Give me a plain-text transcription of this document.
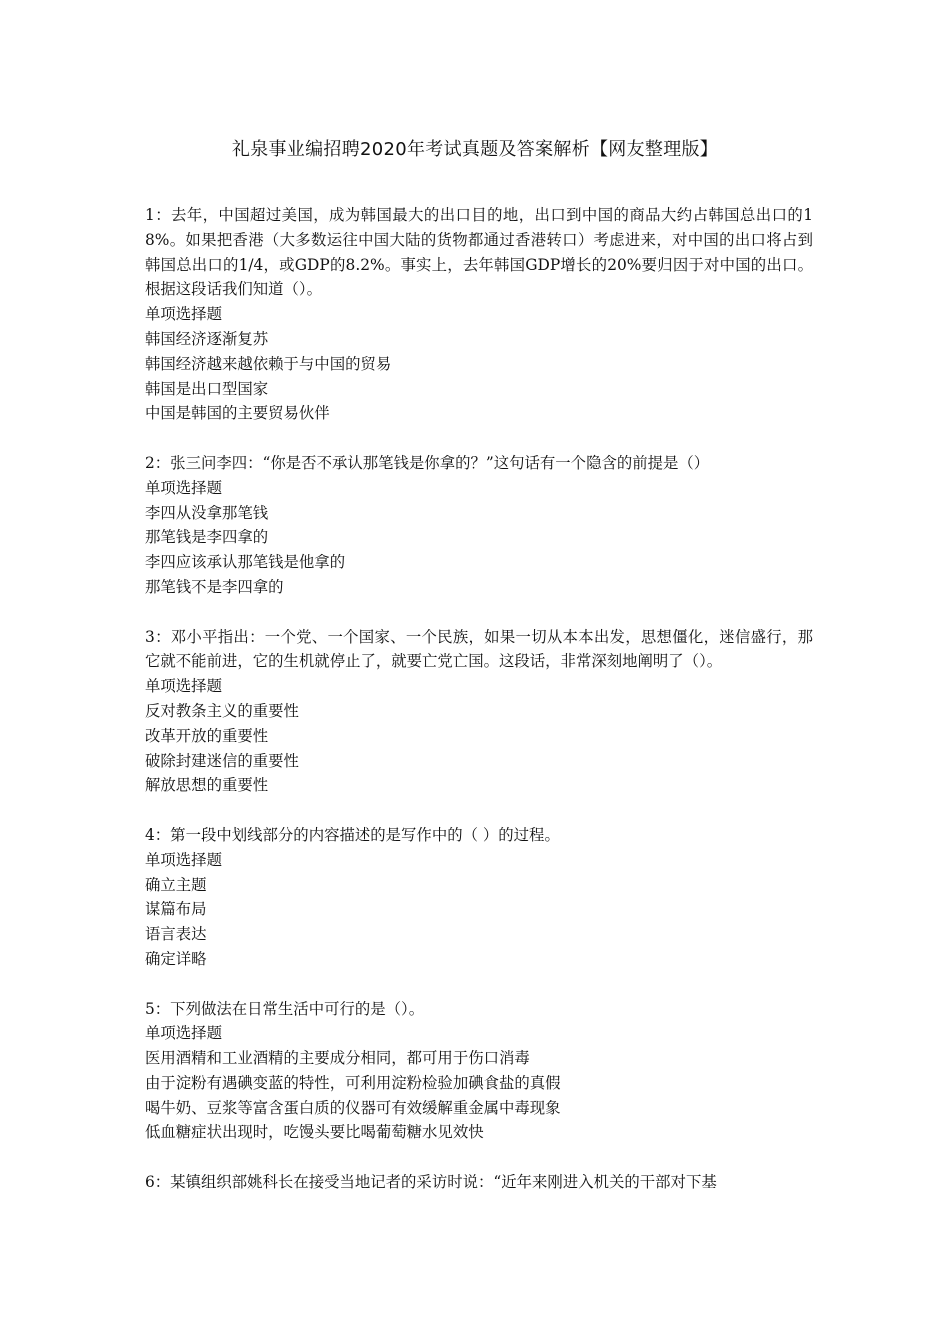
礼泉事业编招聘2020年考试真题及答案解析【网友整理版】

1：去年，中国超过美国，成为韩国最大的出口目的地，出口到中国的商品大约占韩国总出口的18%。如果把香港（大多数运往中国大陆的货物都通过香港转口）考虑进来，对中国的出口将占到韩国总出口的1/4，或GDP的8.2%。事实上，去年韩国GDP增长的20%要归因于对中国的出口。根据这段话我们知道（）。

单项选择题

韩国经济逐渐复苏

韩国经济越来越依赖于与中国的贸易

韩国是出口型国家

中国是韩国的主要贸易伙伴

2：张三问李四：“你是否不承认那笔钱是你拿的？”这句话有一个隐含的前提是（）

单项选择题

李四从没拿那笔钱

那笔钱是李四拿的

李四应该承认那笔钱是他拿的

那笔钱不是李四拿的

3：邓小平指出：一个党、一个国家、一个民族，如果一切从本本出发，思想僵化，迷信盛行，那它就不能前进，它的生机就停止了，就要亡党亡国。这段话，非常深刻地阐明了（）。

单项选择题

反对教条主义的重要性

改革开放的重要性

破除封建迷信的重要性

解放思想的重要性

4：第一段中划线部分的内容描述的是写作中的（ ）的过程。

单项选择题

确立主题

谋篇布局

语言表达

确定详略

5：下列做法在日常生活中可行的是（）。

单项选择题

医用酒精和工业酒精的主要成分相同，都可用于伤口消毒

由于淀粉有遇碘变蓝的特性，可利用淀粉检验加碘食盐的真假

喝牛奶、豆浆等富含蛋白质的仪器可有效缓解重金属中毒现象

低血糖症状出现时，吃馒头要比喝葡萄糖水见效快

6：某镇组织部姚科长在接受当地记者的采访时说：“近年来刚进入机关的干部对下基
